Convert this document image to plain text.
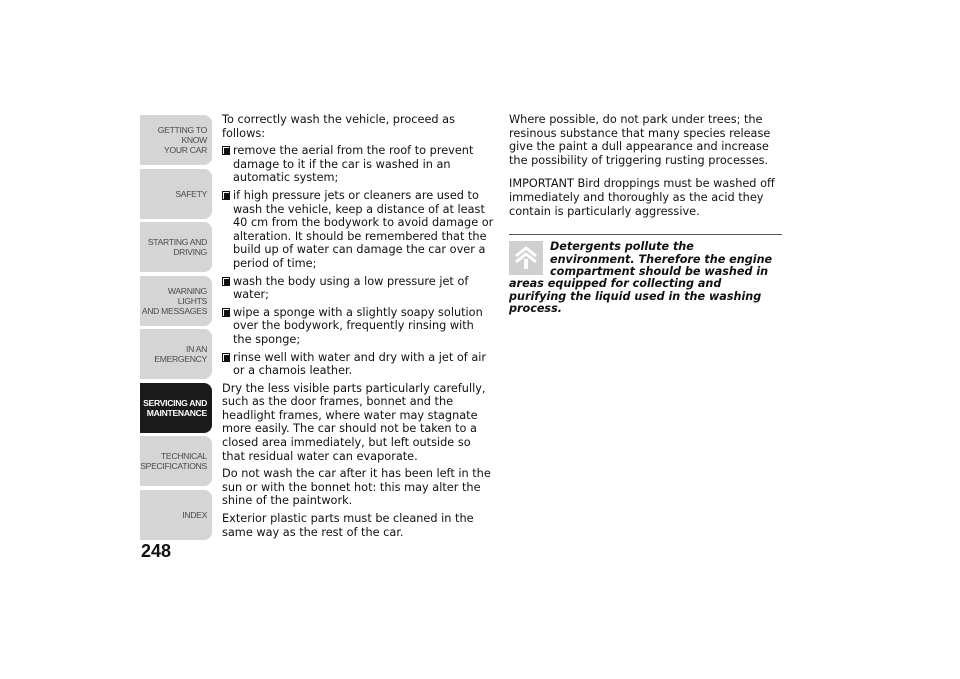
GETTING TO KNOW
YOUR CAR
SAFETY
STARTING AND
DRIVING
WARNING LIGHTS
AND MESSAGES
IN AN EMERGENCY
SERVICING AND
MAINTENANCE
TECHNICAL
SPECIFICATIONS
INDEX
248

To correctly wash the vehicle, proceed as follows:

remove the aerial from the roof to prevent damage to it if the car is washed in an automatic system;
if high pressure jets or cleaners are used to wash the vehicle, keep a distance of at least 40 cm from the bodywork to avoid damage or alteration. It should be remembered that the build up of water can damage the car over a period of time;
wash the body using a low pressure jet of water;
wipe a sponge with a slightly soapy solution over the bodywork, frequently rinsing with the sponge;
rinse well with water and dry with a jet of air or a chamois leather.

Dry the less visible parts particularly carefully, such as the door frames, bonnet and the headlight frames, where water may stagnate more easily. The car should not be taken to a closed area immediately, but left outside so that residual water can evaporate.

Do not wash the car after it has been left in the sun or with the bonnet hot: this may alter the shine of the paintwork.

Exterior plastic parts must be cleaned in the same way as the rest of the car.

Where possible, do not park under trees; the resinous substance that many species release give the paint a dull appearance and increase the possibility of triggering rusting processes.

IMPORTANT Bird droppings must be washed off immediately and thoroughly as the acid they contain is particularly aggressive.

Detergents pollute the environment. Therefore the engine compartment should be washed in areas equipped for collecting and purifying the liquid used in the washing process.
